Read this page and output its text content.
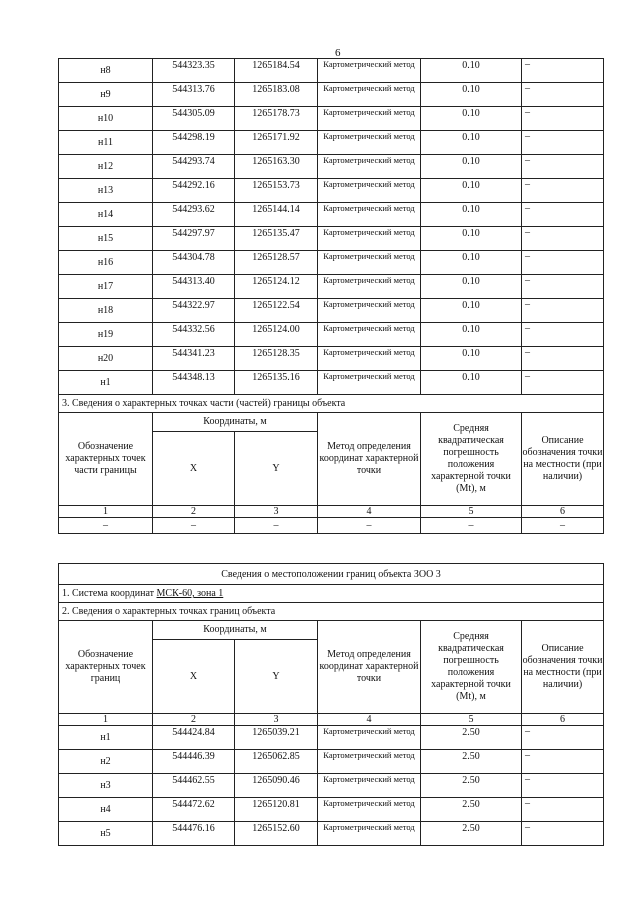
6
н8	544323.35	1265184.54	Картометрический метод	0.10	–
н9	544313.76	1265183.08	Картометрический метод	0.10	–
н10	544305.09	1265178.73	Картометрический метод	0.10	–
н11	544298.19	1265171.92	Картометрический метод	0.10	–
н12	544293.74	1265163.30	Картометрический метод	0.10	–
н13	544292.16	1265153.73	Картометрический метод	0.10	–
н14	544293.62	1265144.14	Картометрический метод	0.10	–
н15	544297.97	1265135.47	Картометрический метод	0.10	–
н16	544304.78	1265128.57	Картометрический метод	0.10	–
н17	544313.40	1265124.12	Картометрический метод	0.10	–
н18	544322.97	1265122.54	Картометрический метод	0.10	–
н19	544332.56	1265124.00	Картометрический метод	0.10	–
н20	544341.23	1265128.35	Картометрический метод	0.10	–
н1	544348.13	1265135.16	Картометрический метод	0.10	–
3. Сведения о характерных точках части (частей) границы объекта					
Обозначение характерных точек части границы	Координаты, м		Метод определения координат характерной точки	Средняя квадратическая погрешность положения характерной точки (Mt), м	Описание обозначения точки на местности (при наличии)
	X	Y			
1	2	3	4	5	6
–	–	–	–	–	–
Сведения о местоположении границ объекта ЗОО 3					
1. Система координат МСК-60, зона 1					
2. Сведения о характерных точках границ объекта					
Обозначение характерных точек границ	Координаты, м		Метод определения координат характерной точки	Средняя квадратическая погрешность положения характерной точки (Mt), м	Описание обозначения точки на местности (при наличии)
	X	Y			
1	2	3	4	5	6
н1	544424.84	1265039.21	Картометрический метод	2.50	–
н2	544446.39	1265062.85	Картометрический метод	2.50	–
н3	544462.55	1265090.46	Картометрический метод	2.50	–
н4	544472.62	1265120.81	Картометрический метод	2.50	–
н5	544476.16	1265152.60	Картометрический метод	2.50	–
